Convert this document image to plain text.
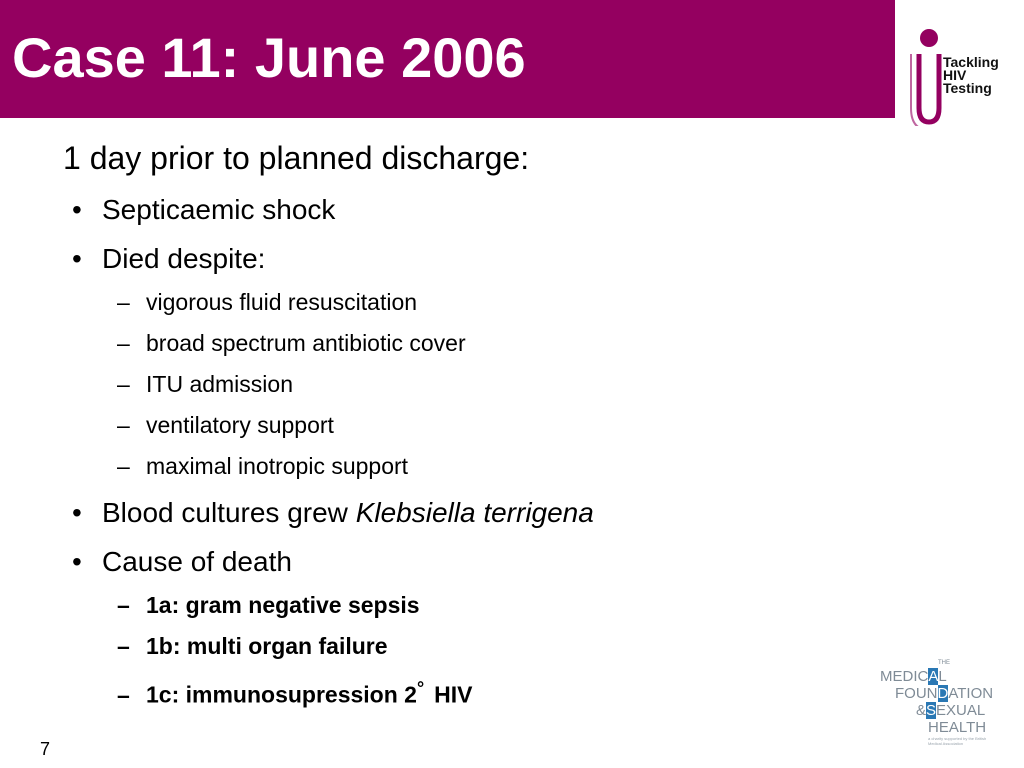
Case 11: June 2006	Tackling
HIV
Testing
1 day prior to planned discharge:
• Septicaemic shock
• Died despite:
– vigorous fluid resuscitation
– broad spectrum antibiotic cover
– ITU admission
– ventilatory support
– maximal inotropic support
• Blood cultures grew Klebsiella terrigena
• Cause of death
– 1a: gram negative sepsis
– 1b: multi organ failure
– 1c: immunosupression 2° HIV
7
THE
MEDICAL
FOUNDATION
&SEXUAL
HEALTH
a charity supported by the British Medical Association
